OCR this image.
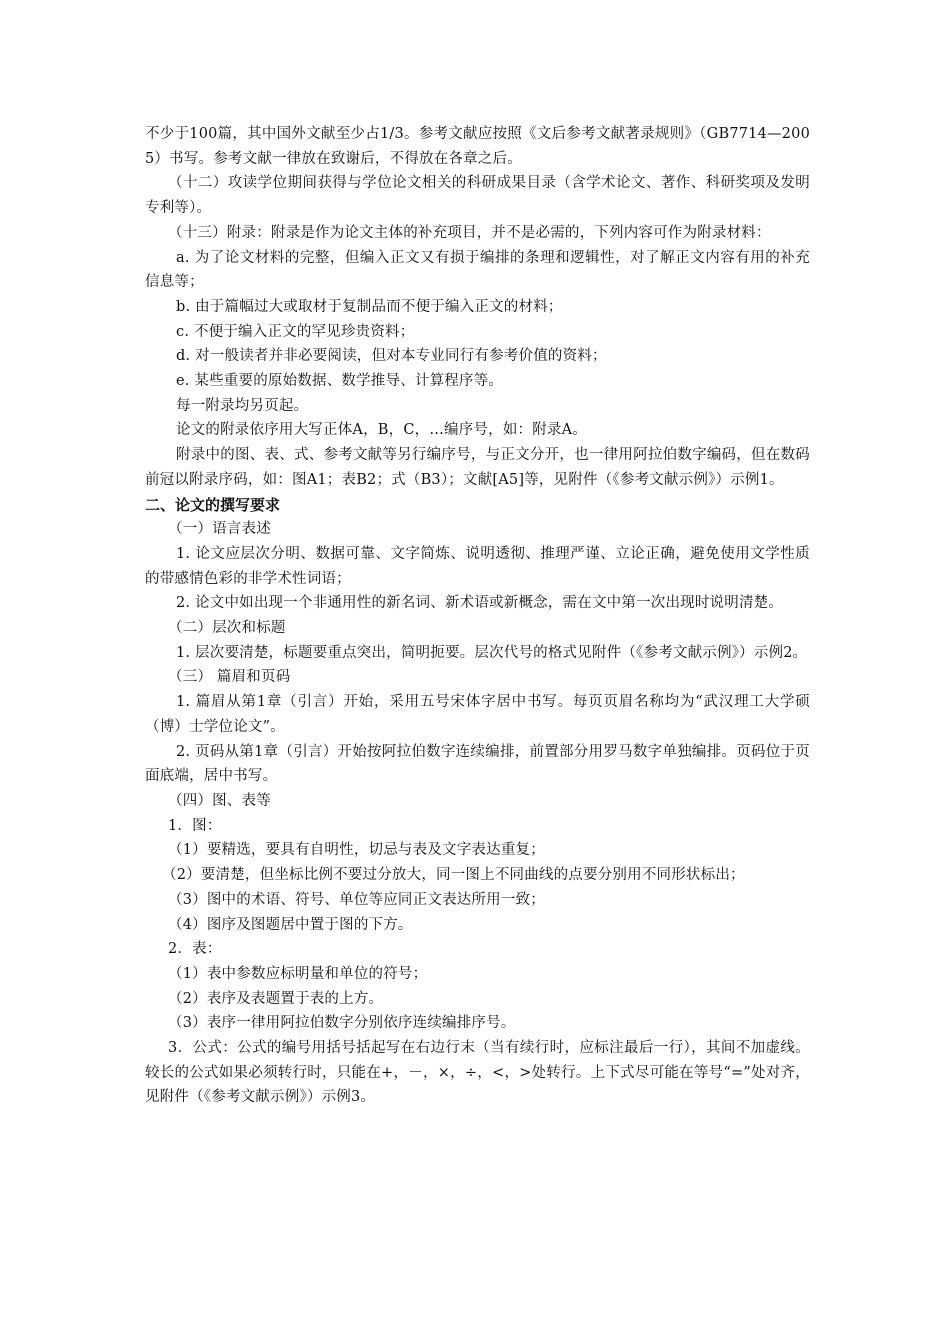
不少于100篇，其中国外文献至少占1/3。参考文献应按照《文后参考文献著录规则》（GB7714—2005）书写。参考文献一律放在致谢后，不得放在各章之后。

（十二）攻读学位期间获得与学位论文相关的科研成果目录（含学术论文、著作、科研奖项及发明专利等）。

（十三）附录：附录是作为论文主体的补充项目，并不是必需的，下列内容可作为附录材料：

a. 为了论文材料的完整，但编入正文又有损于编排的条理和逻辑性，对了解正文内容有用的补充信息等；

b. 由于篇幅过大或取材于复制品而不便于编入正文的材料；

c. 不便于编入正文的罕见珍贵资料；

d. 对一般读者并非必要阅读，但对本专业同行有参考价值的资料；

e. 某些重要的原始数据、数学推导、计算程序等。

每一附录均另页起。

论文的附录依序用大写正体A，B，C，…编序号，如：附录A。

附录中的图、表、式、参考文献等另行编序号，与正文分开，也一律用阿拉伯数字编码，但在数码前冠以附录序码，如：图A1；表B2；式（B3）；文献[A5]等，见附件（《参考文献示例》）示例1。

二、论文的撰写要求

（一）语言表述

1. 论文应层次分明、数据可靠、文字简炼、说明透彻、推理严谨、立论正确，避免使用文学性质的带感情色彩的非学术性词语；

2. 论文中如出现一个非通用性的新名词、新术语或新概念，需在文中第一次出现时说明清楚。

（二）层次和标题

1. 层次要清楚，标题要重点突出，简明扼要。层次代号的格式见附件（《参考文献示例》）示例2。

（三） 篇眉和页码

1. 篇眉从第1章（引言）开始，采用五号宋体字居中书写。每页页眉名称均为“武汉理工大学硕（博）士学位论文”。

2. 页码从第1章（引言）开始按阿拉伯数字连续编排，前置部分用罗马数字单独编排。页码位于页面底端，居中书写。

（四）图、表等

1．图：

（1）要精选，要具有自明性，切忌与表及文字表达重复；

（2）要清楚，但坐标比例不要过分放大，同一图上不同曲线的点要分别用不同形状标出；

（3）图中的术语、符号、单位等应同正文表达所用一致；

（4）图序及图题居中置于图的下方。

2．表：

（1）表中参数应标明量和单位的符号；

（2）表序及表题置于表的上方。

（3）表序一律用阿拉伯数字分别依序连续编排序号。

3．公式：公式的编号用括号括起写在右边行末（当有续行时，应标注最后一行），其间不加虚线。较长的公式如果必须转行时，只能在+，－，×，÷，<，>处转行。上下式尽可能在等号“=”处对齐，见附件（《参考文献示例》）示例3。
